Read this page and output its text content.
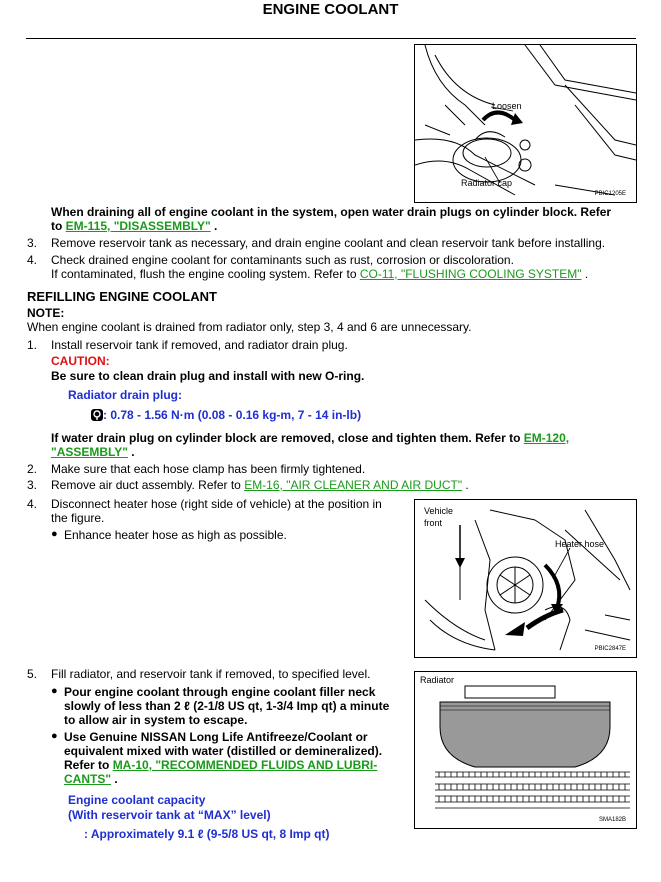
ENGINE COOLANT
Loosen
Radiator cap
PBIC1205E
When draining all of engine coolant in the system, open water drain plugs on cylinder block. Refer
to EM-115, "DISASSEMBLY" .
3. Remove reservoir tank as necessary, and drain engine coolant and clean reservoir tank before installing.
4. Check drained engine coolant for contaminants such as rust, corrosion or discoloration.
If contaminated, flush the engine cooling system. Refer to CO-11, "FLUSHING COOLING SYSTEM" .
REFILLING ENGINE COOLANT
NOTE:
When engine coolant is drained from radiator only, step 3, 4 and 6 are unnecessary.
1. Install reservoir tank if removed, and radiator drain plug.
CAUTION:
Be sure to clean drain plug and install with new O-ring.
Radiator drain plug:
: 0.78 - 1.56 N·m (0.08 - 0.16 kg-m, 7 - 14 in-lb)
If water drain plug on cylinder block are removed, close and tighten them. Refer to EM-120,
"ASSEMBLY" .
2. Make sure that each hose clamp has been firmly tightened.
3. Remove air duct assembly. Refer to EM-16, "AIR CLEANER AND AIR DUCT" .
4. Disconnect heater hose (right side of vehicle) at the position in
the figure.
● Enhance heater hose as high as possible.
Vehicle front
Heater hose
PBIC2847E
5. Fill radiator, and reservoir tank if removed, to specified level.
● Pour engine coolant through engine coolant filler neck
slowly of less than 2 ℓ (2-1/8 US qt, 1-3/4 Imp qt) a minute
to allow air in system to escape.
● Use Genuine NISSAN Long Life Antifreeze/Coolant or
equivalent mixed with water (distilled or demineralized).
Refer to MA-10, "RECOMMENDED FLUIDS AND LUBRI-
CANTS" .
Engine coolant capacity
(With reservoir tank at “MAX” level)
: Approximately 9.1 ℓ (9-5/8 US qt, 8 Imp qt)
Radiator
SMA182B
